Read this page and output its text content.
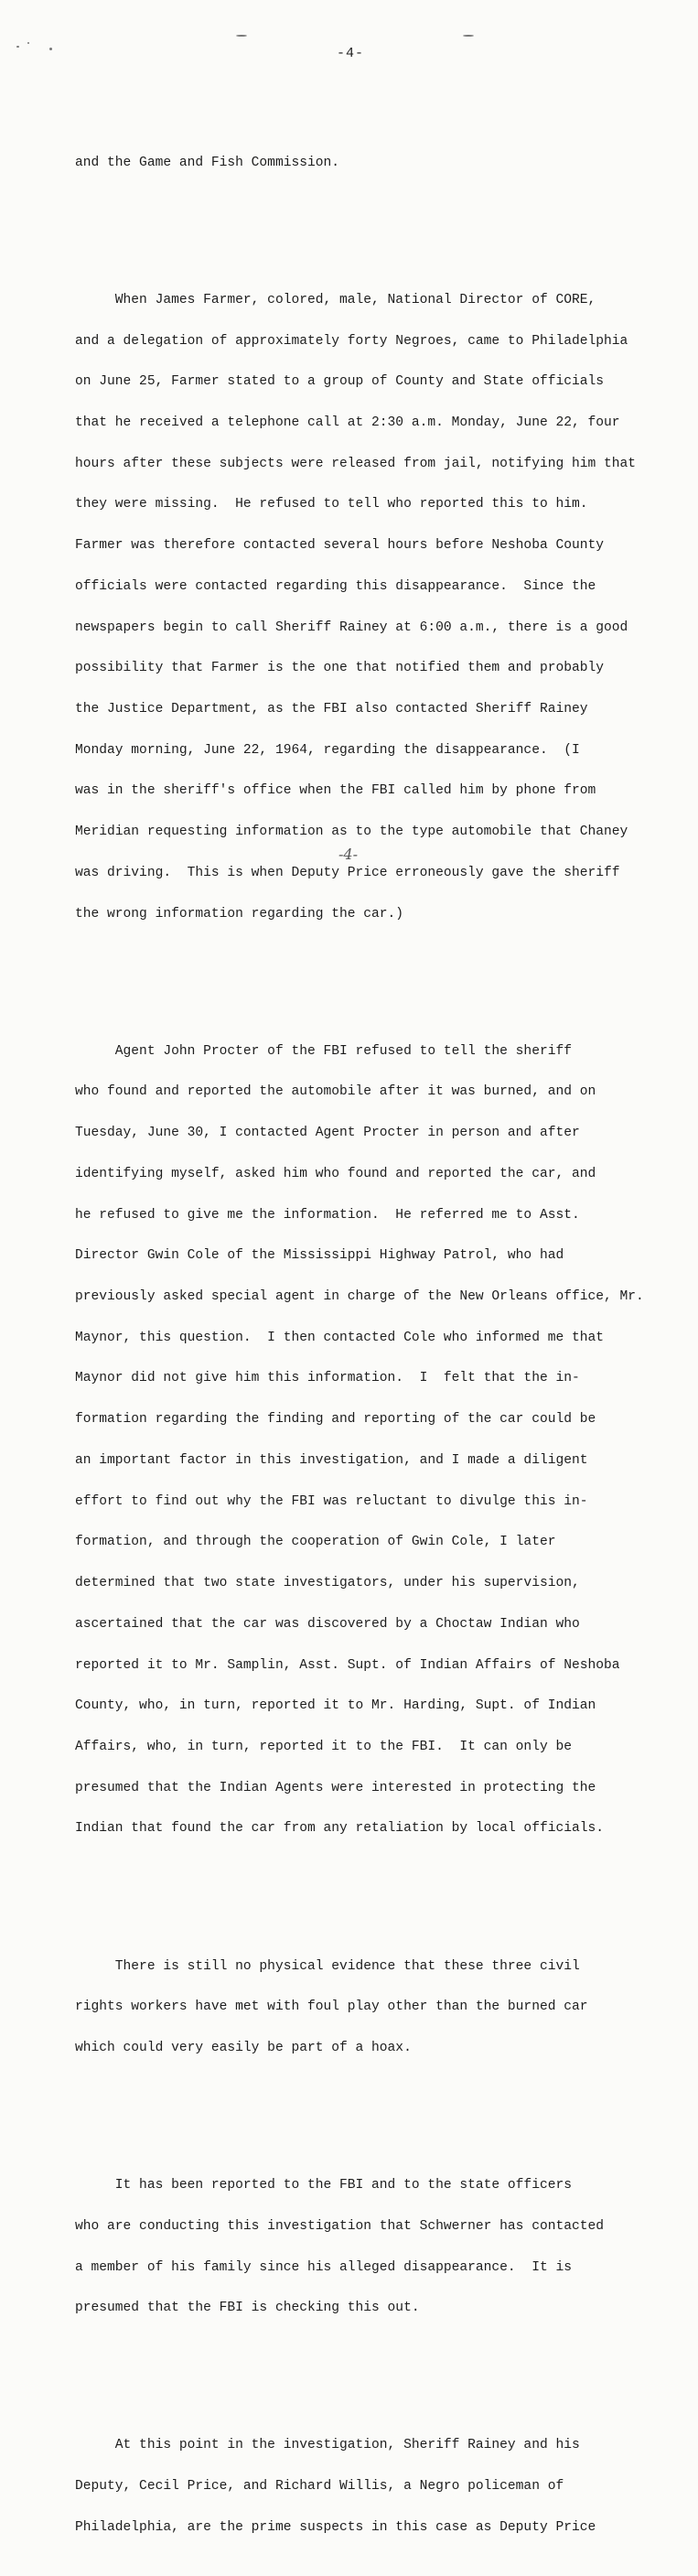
-4-

and the Game and Fish Commission.

When James Farmer, colored, male, National Director of CORE,

and a delegation of approximately forty Negroes, came to Philadelphia

on June 25, Farmer stated to a group of County and State officials

that he received a telephone call at 2:30 a.m. Monday, June 22, four

hours after these subjects were released from jail, notifying him that

they were missing.  He refused to tell who reported this to him.

Farmer was therefore contacted several hours before Neshoba County

officials were contacted regarding this disappearance.  Since the

newspapers begin to call Sheriff Rainey at 6:00 a.m., there is a good

possibility that Farmer is the one that notified them and probably

the Justice Department, as the FBI also contacted Sheriff Rainey

Monday morning, June 22, 1964, regarding the disappearance.  (I

was in the sheriff's office when the FBI called him by phone from

Meridian requesting information as to the type automobile that Chaney

was driving.  This is when Deputy Price erroneously gave the sheriff

the wrong information regarding the car.)

Agent John Procter of the FBI refused to tell the sheriff

who found and reported the automobile after it was burned, and on

Tuesday, June 30, I contacted Agent Procter in person and after

identifying myself, asked him who found and reported the car, and

he refused to give me the information.  He referred me to Asst.

Director Gwin Cole of the Mississippi Highway Patrol, who had

previously asked special agent in charge of the New Orleans office, Mr.

Maynor, this question.  I then contacted Cole who informed me that

Maynor did not give him this information.  I  felt that the in-

formation regarding the finding and reporting of the car could be

an important factor in this investigation, and I made a diligent

effort to find out why the FBI was reluctant to divulge this in-

formation, and through the cooperation of Gwin Cole, I later

determined that two state investigators, under his supervision,

ascertained that the car was discovered by a Choctaw Indian who

reported it to Mr. Samplin, Asst. Supt. of Indian Affairs of Neshoba

County, who, in turn, reported it to Mr. Harding, Supt. of Indian

Affairs, who, in turn, reported it to the FBI.  It can only be

presumed that the Indian Agents were interested in protecting the

Indian that found the car from any retaliation by local officials.

There is still no physical evidence that these three civil

rights workers have met with foul play other than the burned car

which could very easily be part of a hoax.

It has been reported to the FBI and to the state officers

who are conducting this investigation that Schwerner has contacted

a member of his family since his alleged disappearance.  It is

presumed that the FBI is checking this out.

At this point in the investigation, Sheriff Rainey and his

Deputy, Cecil Price, and Richard Willis, a Negro policeman of

Philadelphia, are the prime suspects in this case as Deputy Price

-4-
